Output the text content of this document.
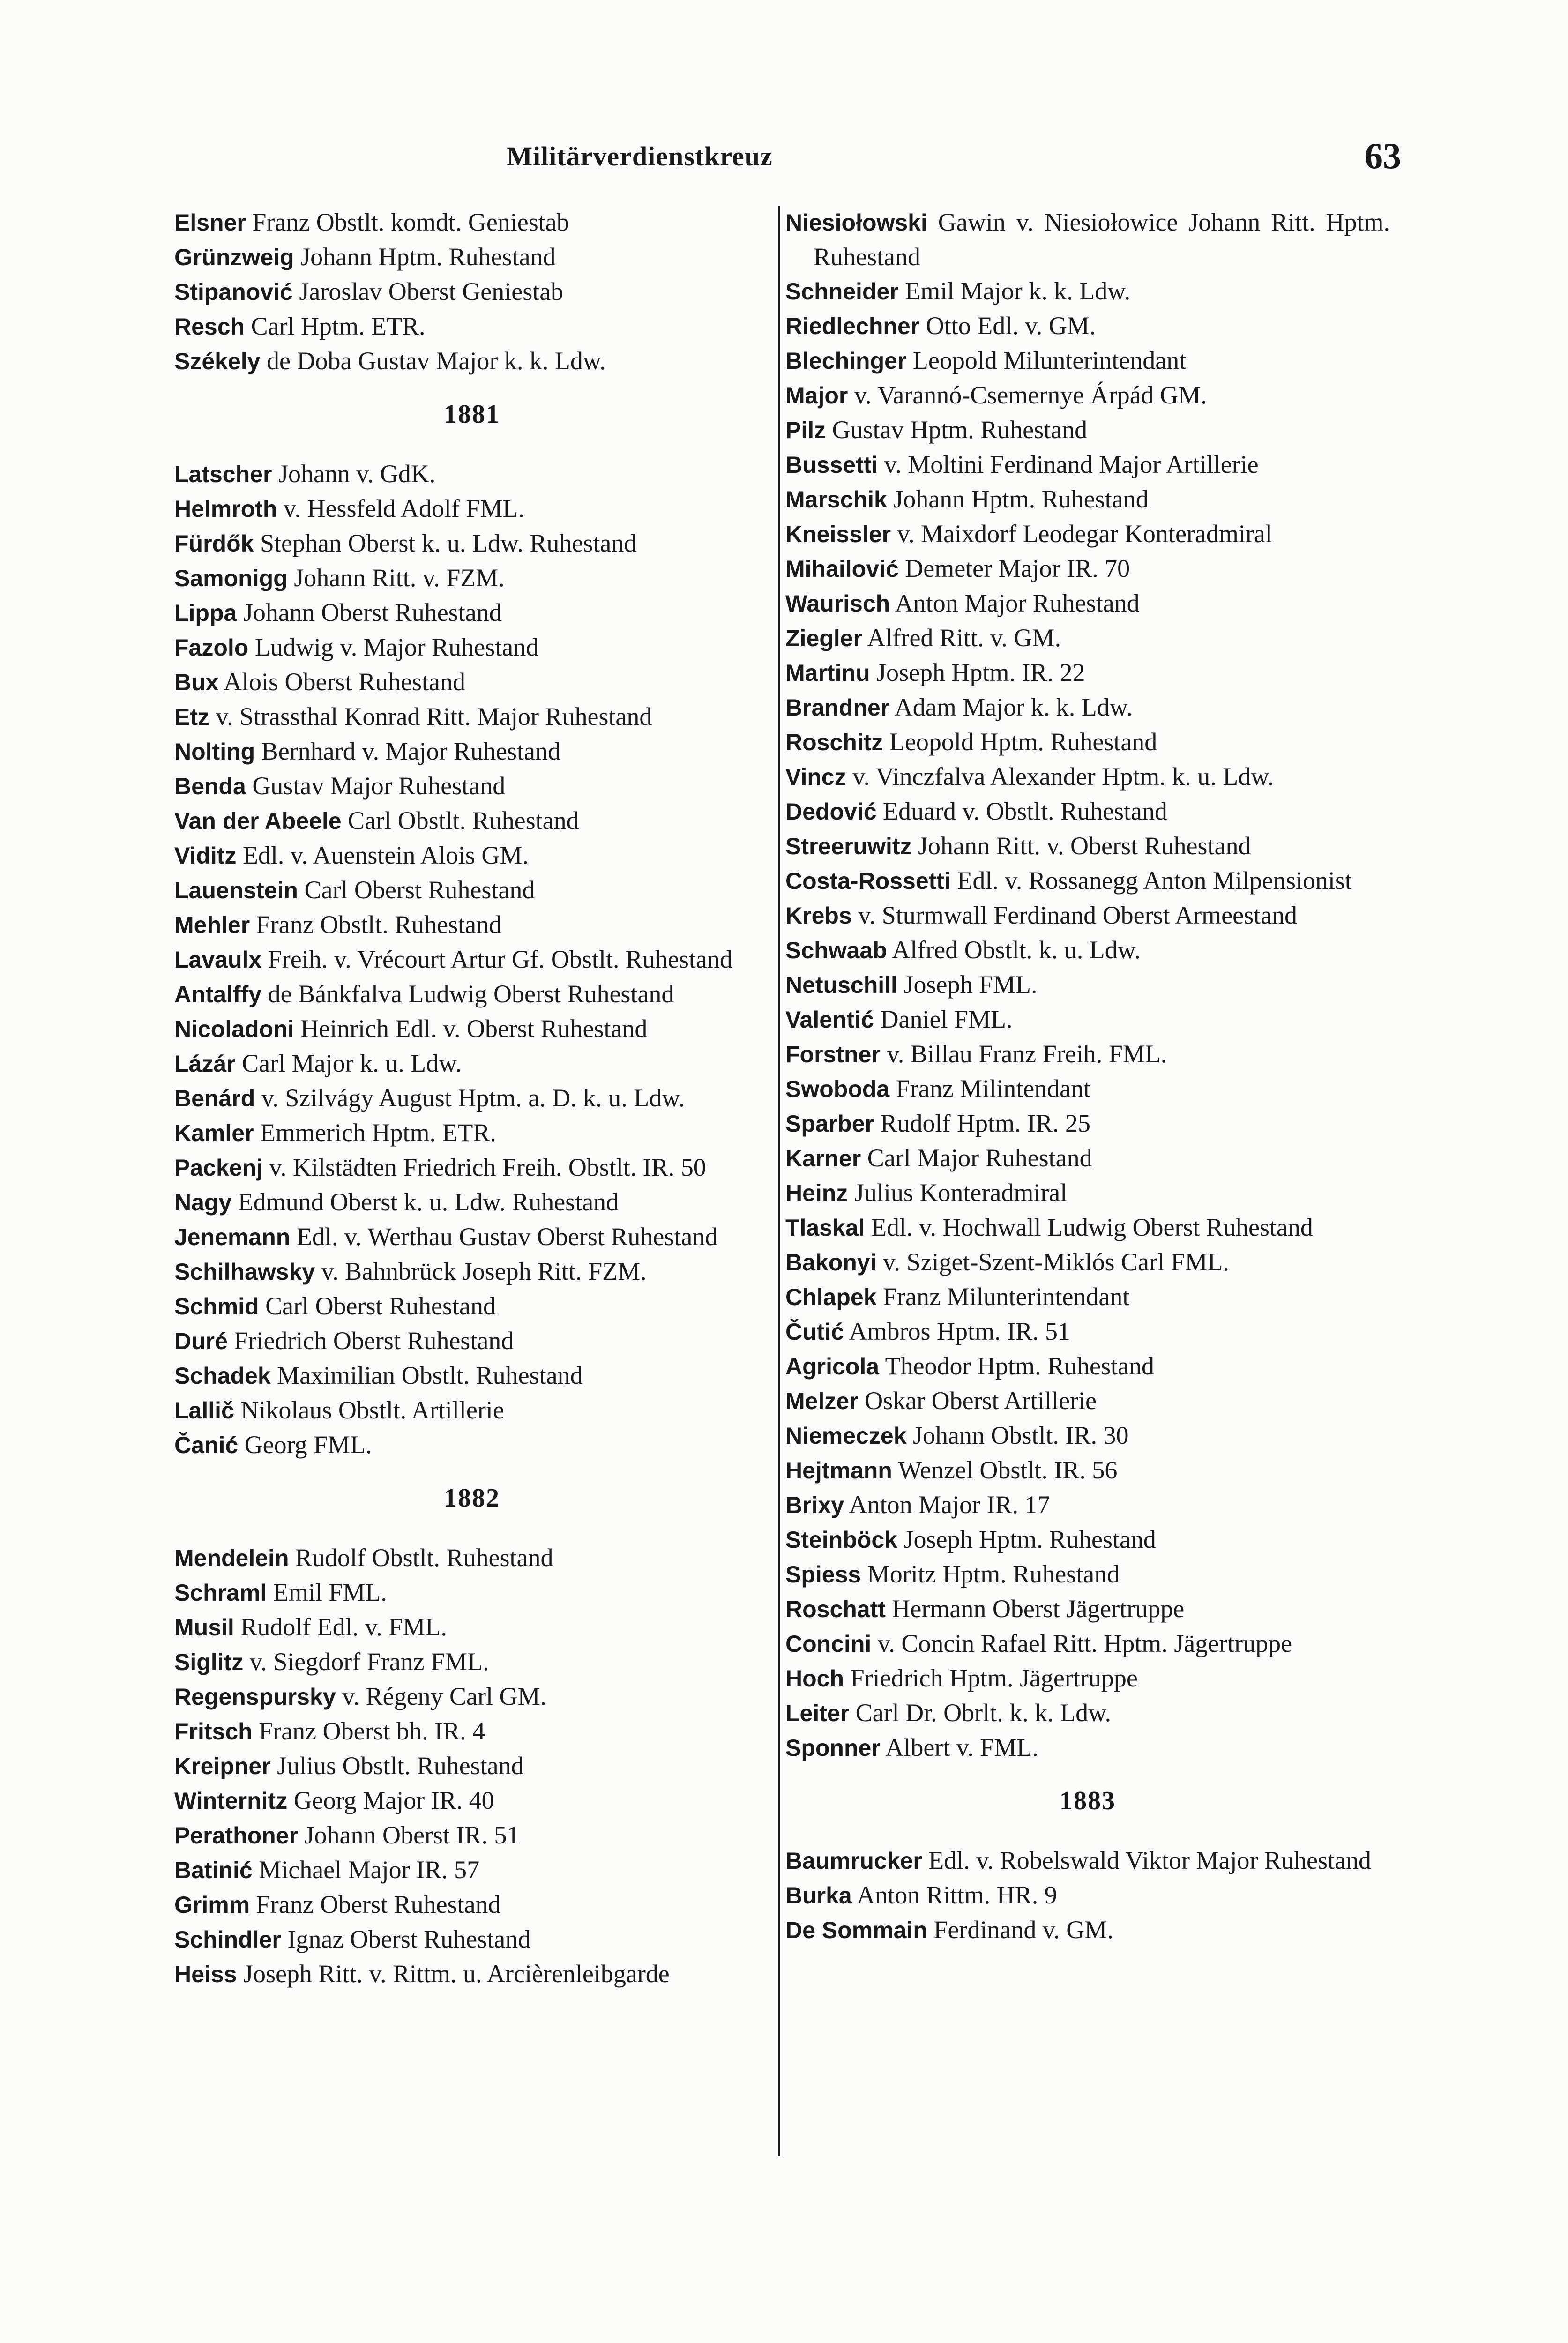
Militärverdienstkreuz	63
Elsner Franz Obstlt. komdt. Geniestab
Grünzweig Johann Hptm. Ruhestand
Stipanović Jaroslav Oberst Geniestab
Resch Carl Hptm. ETR.
Székely de Doba Gustav Major k. k. Ldw.
1881
Latscher Johann v. GdK.
Helmroth v. Hessfeld Adolf FML.
Fürdők Stephan Oberst k. u. Ldw. Ruhestand
Samonigg Johann Ritt. v. FZM.
Lippa Johann Oberst Ruhestand
Fazolo Ludwig v. Major Ruhestand
Bux Alois Oberst Ruhestand
Etz v. Strassthal Konrad Ritt. Major Ruhestand
Nolting Bernhard v. Major Ruhestand
Benda Gustav Major Ruhestand
Van der Abeele Carl Obstlt. Ruhestand
Viditz Edl. v. Auenstein Alois GM.
Lauenstein Carl Oberst Ruhestand
Mehler Franz Obstlt. Ruhestand
Lavaulx Freih. v. Vrécourt Artur Gf. Obstlt. Ruhestand
Antalffy de Bánkfalva Ludwig Oberst Ruhestand
Nicoladoni Heinrich Edl. v. Oberst Ruhestand
Lázár Carl Major k. u. Ldw.
Benárd v. Szilvágy August Hptm. a. D. k. u. Ldw.
Kamler Emmerich Hptm. ETR.
Packenj v. Kilstädten Friedrich Freih. Obstlt. IR. 50
Nagy Edmund Oberst k. u. Ldw. Ruhestand
Jenemann Edl. v. Werthau Gustav Oberst Ruhestand
Schilhawsky v. Bahnbrück Joseph Ritt. FZM.
Schmid Carl Oberst Ruhestand
Duré Friedrich Oberst Ruhestand
Schadek Maximilian Obstlt. Ruhestand
Lallič Nikolaus Obstlt. Artillerie
Čanić Georg FML.
1882
Mendelein Rudolf Obstlt. Ruhestand
Schraml Emil FML.
Musil Rudolf Edl. v. FML.
Siglitz v. Siegdorf Franz FML.
Regenspursky v. Régeny Carl GM.
Fritsch Franz Oberst bh. IR. 4
Kreipner Julius Obstlt. Ruhestand
Winternitz Georg Major IR. 40
Perathoner Johann Oberst IR. 51
Batinić Michael Major IR. 57
Grimm Franz Oberst Ruhestand
Schindler Ignaz Oberst Ruhestand
Heiss Joseph Ritt. v. Rittm. u. Arcièrenleibgarde
Niesiołowski Gawin v. Niesiołowice Johann Ritt. Hptm. Ruhestand
Schneider Emil Major k. k. Ldw.
Riedlechner Otto Edl. v. GM.
Blechinger Leopold Milunterintendant
Major v. Varannó-Csemernye Árpád GM.
Pilz Gustav Hptm. Ruhestand
Bussetti v. Moltini Ferdinand Major Artillerie
Marschik Johann Hptm. Ruhestand
Kneissler v. Maixdorf Leodegar Konteradmiral
Mihailović Demeter Major IR. 70
Waurisch Anton Major Ruhestand
Ziegler Alfred Ritt. v. GM.
Martinu Joseph Hptm. IR. 22
Brandner Adam Major k. k. Ldw.
Roschitz Leopold Hptm. Ruhestand
Vincz v. Vinczfalva Alexander Hptm. k. u. Ldw.
Dedović Eduard v. Obstlt. Ruhestand
Streeruwitz Johann Ritt. v. Oberst Ruhestand
Costa-Rossetti Edl. v. Rossanegg Anton Milpensionist
Krebs v. Sturmwall Ferdinand Oberst Armeestand
Schwaab Alfred Obstlt. k. u. Ldw.
Netuschill Joseph FML.
Valentić Daniel FML.
Forstner v. Billau Franz Freih. FML.
Swoboda Franz Milintendant
Sparber Rudolf Hptm. IR. 25
Karner Carl Major Ruhestand
Heinz Julius Konteradmiral
Tlaskal Edl. v. Hochwall Ludwig Oberst Ruhestand
Bakonyi v. Sziget-Szent-Miklós Carl FML.
Chlapek Franz Milunterintendant
Čutić Ambros Hptm. IR. 51
Agricola Theodor Hptm. Ruhestand
Melzer Oskar Oberst Artillerie
Niemeczek Johann Obstlt. IR. 30
Hejtmann Wenzel Obstlt. IR. 56
Brixy Anton Major IR. 17
Steinböck Joseph Hptm. Ruhestand
Spiess Moritz Hptm. Ruhestand
Roschatt Hermann Oberst Jägertruppe
Concini v. Concin Rafael Ritt. Hptm. Jägertruppe
Hoch Friedrich Hptm. Jägertruppe
Leiter Carl Dr. Obrlt. k. k. Ldw.
Sponner Albert v. FML.
1883
Baumrucker Edl. v. Robelswald Viktor Major Ruhestand
Burka Anton Rittm. HR. 9
De Sommain Ferdinand v. GM.
